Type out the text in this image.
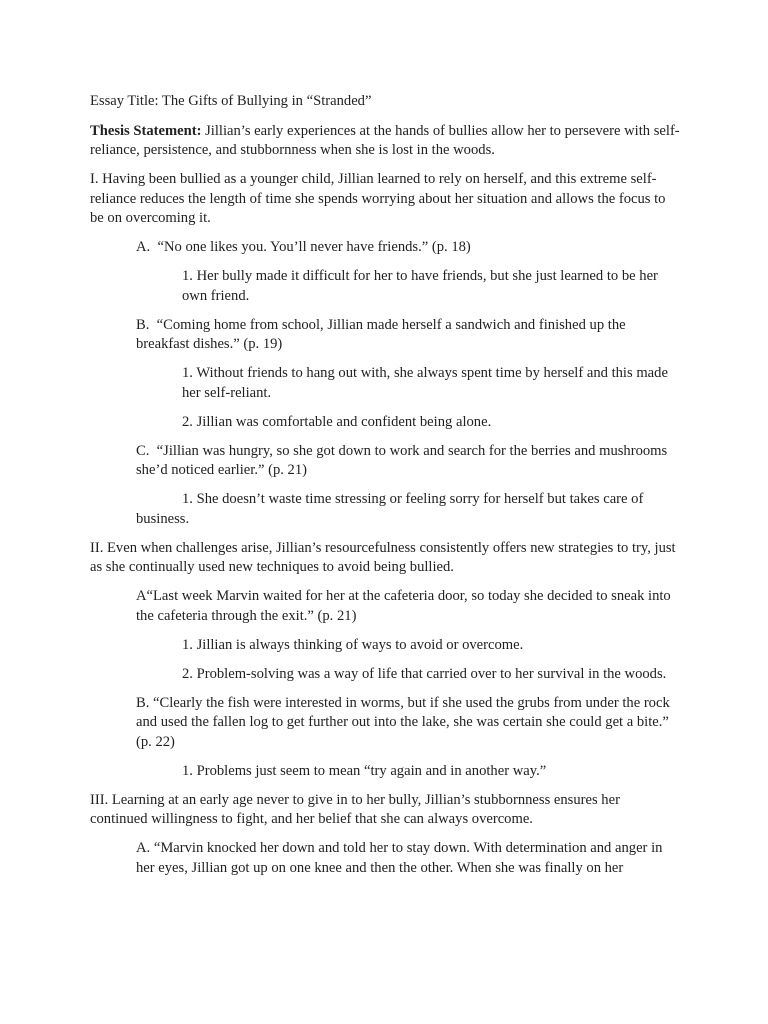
Essay Title: The Gifts of Bullying in “Stranded”

Thesis Statement: Jillian’s early experiences at the hands of bullies allow her to persevere with self-reliance, persistence, and stubbornness when she is lost in the woods.

I. Having been bullied as a younger child, Jillian learned to rely on herself, and this extreme self-reliance reduces the length of time she spends worrying about her situation and allows the focus to be on overcoming it.

A.  “No one likes you. You’ll never have friends.” (p. 18)

1. Her bully made it difficult for her to have friends, but she just learned to be her own friend.

B.  “Coming home from school, Jillian made herself a sandwich and finished up the breakfast dishes.” (p. 19)

1. Without friends to hang out with, she always spent time by herself and this made her self-reliant.

2. Jillian was comfortable and confident being alone.

C.  “Jillian was hungry, so she got down to work and search for the berries and mushrooms she’d noticed earlier.” (p. 21)

1. She doesn’t waste time stressing or feeling sorry for herself but takes care of business.

II. Even when challenges arise, Jillian’s resourcefulness consistently offers new strategies to try, just as she continually used new techniques to avoid being bullied.

A“Last week Marvin waited for her at the cafeteria door, so today she decided to sneak into the cafeteria through the exit.” (p. 21)

1. Jillian is always thinking of ways to avoid or overcome.

2. Problem-solving was a way of life that carried over to her survival in the woods.

B. “Clearly the fish were interested in worms, but if she used the grubs from under the rock and used the fallen log to get further out into the lake, she was certain she could get a bite.” (p. 22)

1. Problems just seem to mean “try again and in another way.”

III. Learning at an early age never to give in to her bully, Jillian’s stubbornness ensures her continued willingness to fight, and her belief that she can always overcome.

A. “Marvin knocked her down and told her to stay down. With determination and anger in her eyes, Jillian got up on one knee and then the other. When she was finally on her
